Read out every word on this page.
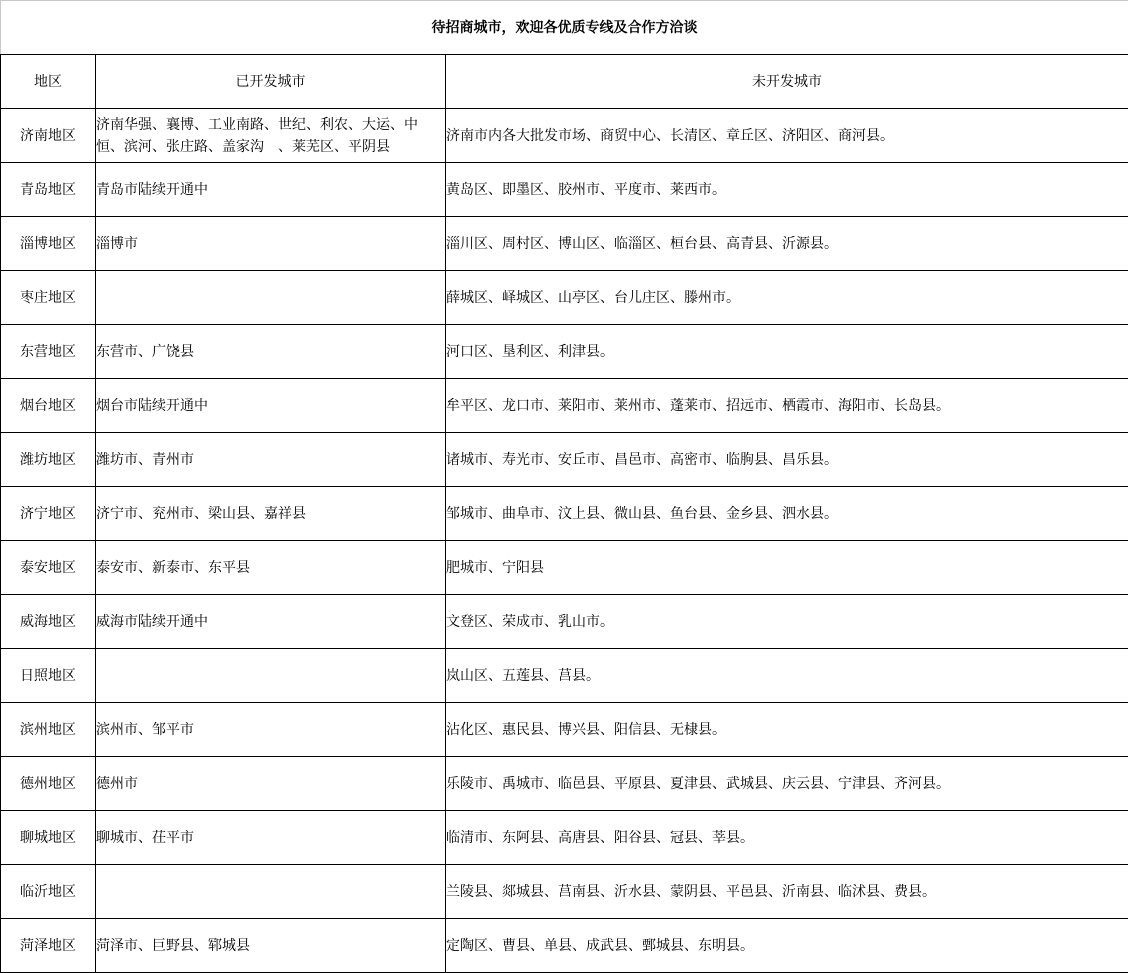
待招商城市，欢迎各优质专线及合作方洽谈		
地区	已开发城市	未开发城市
济南地区	济南华强、襄博、工业南路、世纪、利农、大运、中恒、滨河、张庄路、盖家沟　、莱芜区、平阴县	济南市内各大批发市场、商贸中心、长清区、章丘区、济阳区、商河县。
青岛地区	青岛市陆续开通中	黄岛区、即墨区、胶州市、平度市、莱西市。
淄博地区	淄博市	淄川区、周村区、博山区、临淄区、桓台县、高青县、沂源县。
枣庄地区		薛城区、峄城区、山亭区、台儿庄区、滕州市。
东营地区	东营市、广饶县	河口区、垦利区、利津县。
烟台地区	烟台市陆续开通中	牟平区、龙口市、莱阳市、莱州市、蓬莱市、招远市、栖霞市、海阳市、长岛县。
潍坊地区	潍坊市、青州市	诸城市、寿光市、安丘市、昌邑市、高密市、临朐县、昌乐县。
济宁地区	济宁市、兖州市、梁山县、嘉祥县	邹城市、曲阜市、汶上县、微山县、鱼台县、金乡县、泗水县。
泰安地区	泰安市、新泰市、东平县	肥城市、宁阳县
威海地区	威海市陆续开通中	文登区、荣成市、乳山市。
日照地区		岚山区、五莲县、莒县。
滨州地区	滨州市、邹平市	沾化区、惠民县、博兴县、阳信县、无棣县。
德州地区	德州市	乐陵市、禹城市、临邑县、平原县、夏津县、武城县、庆云县、宁津县、齐河县。
聊城地区	聊城市、茌平市	临清市、东阿县、高唐县、阳谷县、冠县、莘县。
临沂地区		兰陵县、郯城县、莒南县、沂水县、蒙阴县、平邑县、沂南县、临沭县、费县。
菏泽地区	菏泽市、巨野县、郓城县	定陶区、曹县、单县、成武县、鄄城县、东明县。
